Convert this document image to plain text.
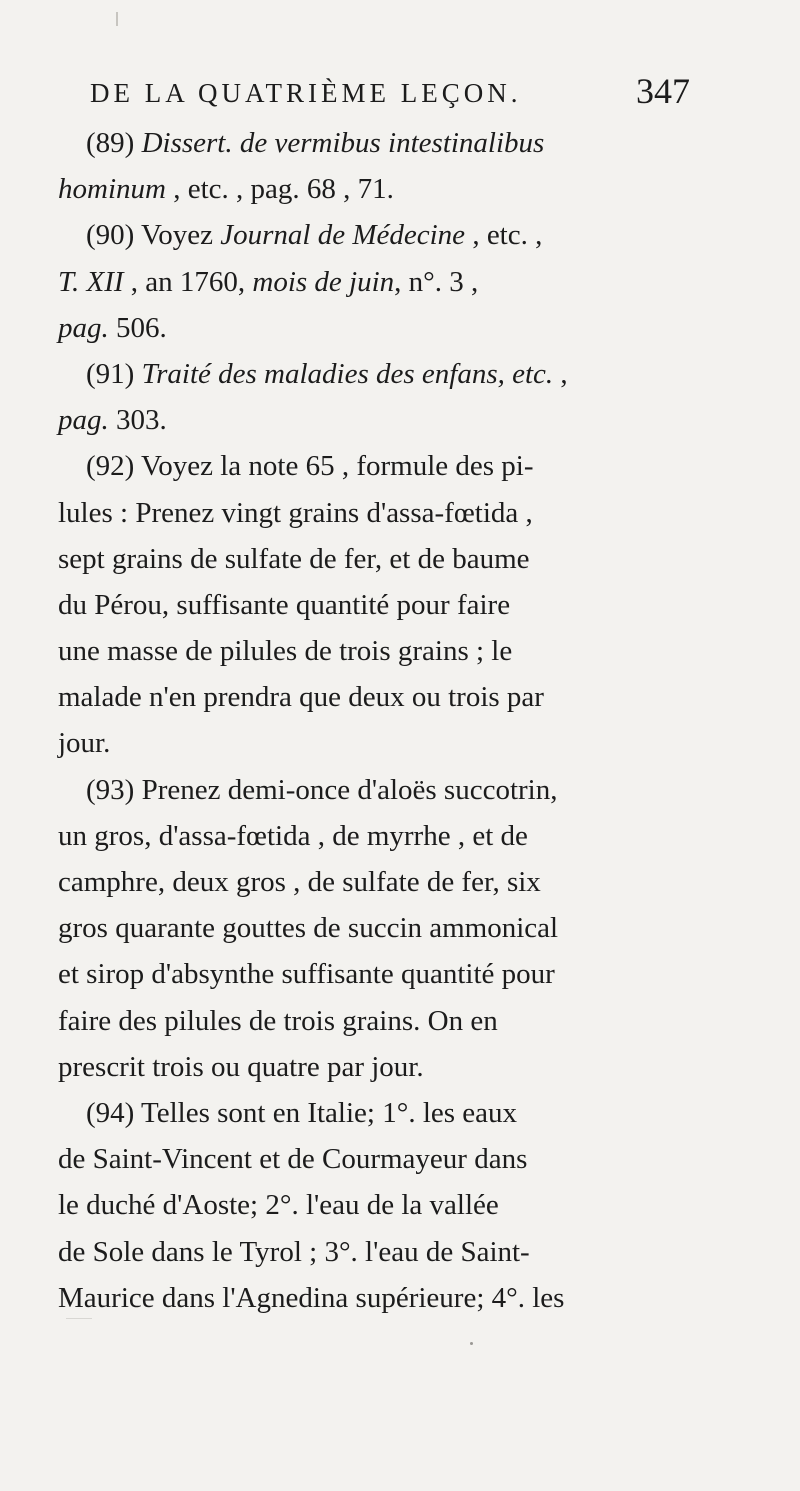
DE LA QUATRIÈME LEÇON.	347
(89) Dissert. de vermibus intestinalibus
hominum , etc. , pag. 68 , 71.
(90) Voyez Journal de Médecine , etc. ,
T. XII , an 1760, mois de juin, n°. 3 ,
pag. 506.
(91) Traité des maladies des enfans, etc. ,
pag. 303.
(92) Voyez la note 65 , formule des pi-
lules : Prenez vingt grains d'assa-fœtida ,
sept grains de sulfate de fer, et de baume
du Pérou, suffisante quantité pour faire
une masse de pilules de trois grains ; le
malade n'en prendra que deux ou trois par
jour.
(93) Prenez demi-once d'aloës succotrin,
un gros, d'assa-fœtida , de myrrhe , et de
camphre, deux gros , de sulfate de fer, six
gros quarante gouttes de succin ammonical
et sirop d'absynthe suffisante quantité pour
faire des pilules de trois grains. On en
prescrit trois ou quatre par jour.
(94) Telles sont en Italie; 1°. les eaux
de Saint-Vincent et de Courmayeur dans
le duché d'Aoste; 2°. l'eau de la vallée
de Sole dans le Tyrol ; 3°. l'eau de Saint-
Maurice dans l'Agnedina supérieure; 4°. les
